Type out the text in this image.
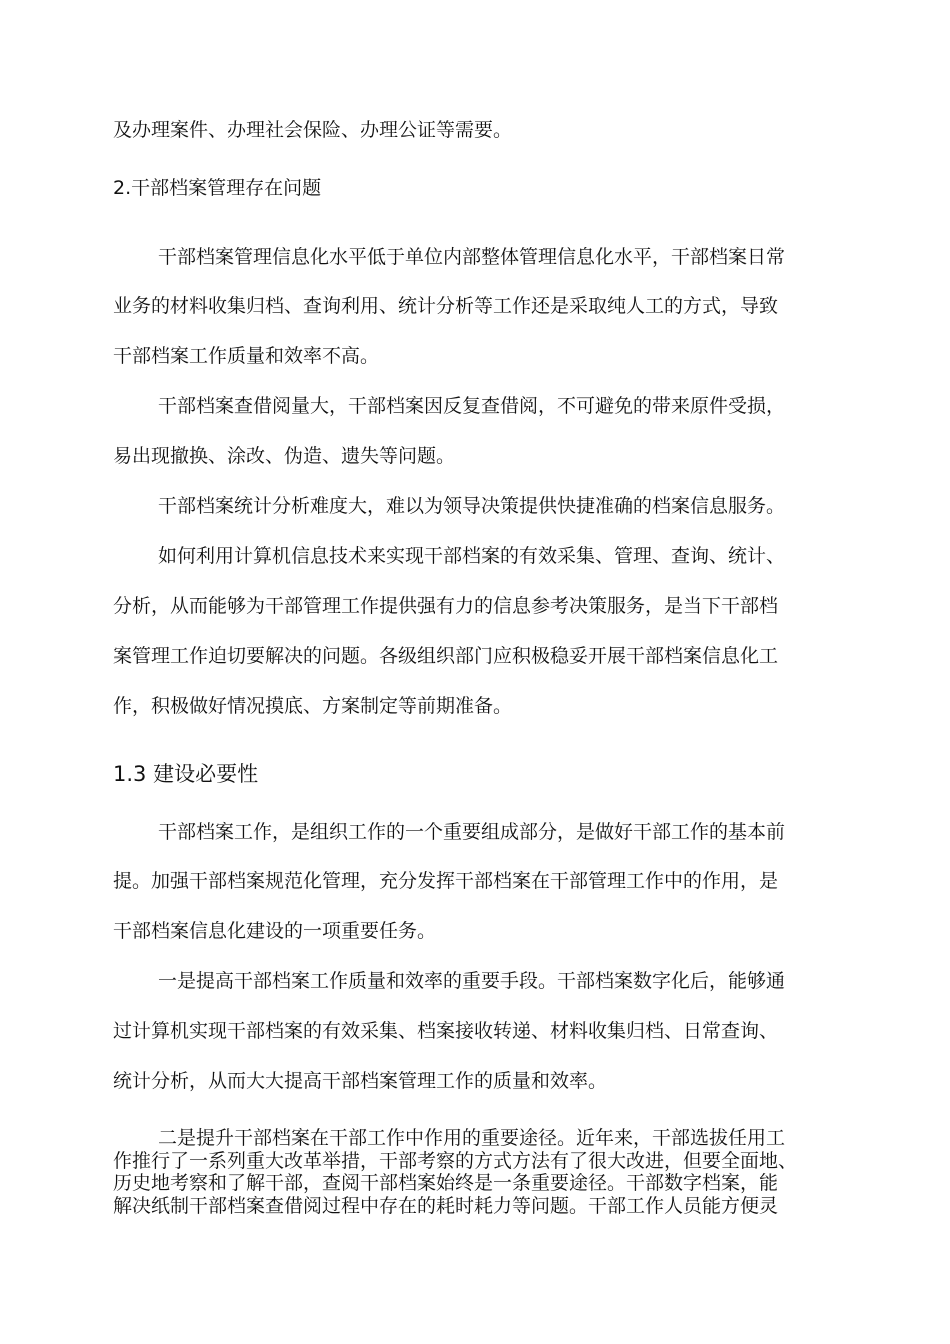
及办理案件、办理社会保险、办理公证等需要。
2.干部档案管理存在问题
干部档案管理信息化水平低于单位内部整体管理信息化水平，干部档案日常
业务的材料收集归档、查询利用、统计分析等工作还是采取纯人工的方式，导致
干部档案工作质量和效率不高。
干部档案查借阅量大，干部档案因反复查借阅，不可避免的带来原件受损，
易出现撤换、涂改、伪造、遗失等问题。
干部档案统计分析难度大，难以为领导决策提供快捷准确的档案信息服务。
如何利用计算机信息技术来实现干部档案的有效采集、管理、查询、统计、
分析，从而能够为干部管理工作提供强有力的信息参考决策服务，是当下干部档
案管理工作迫切要解决的问题。各级组织部门应积极稳妥开展干部档案信息化工
作，积极做好情况摸底、方案制定等前期准备。
1.3 建设必要性
干部档案工作，是组织工作的一个重要组成部分，是做好干部工作的基本前
提。加强干部档案规范化管理，充分发挥干部档案在干部管理工作中的作用，是
干部档案信息化建设的一项重要任务。
一是提高干部档案工作质量和效率的重要手段。干部档案数字化后，能够通
过计算机实现干部档案的有效采集、档案接收转递、材料收集归档、日常查询、
统计分析，从而大大提高干部档案管理工作的质量和效率。
二是提升干部档案在干部工作中作用的重要途径。近年来，干部选拔任用工
作推行了一系列重大改革举措，干部考察的方式方法有了很大改进，但要全面地、
历史地考察和了解干部，查阅干部档案始终是一条重要途径。干部数字档案，能
解决纸制干部档案查借阅过程中存在的耗时耗力等问题。干部工作人员能方便灵
